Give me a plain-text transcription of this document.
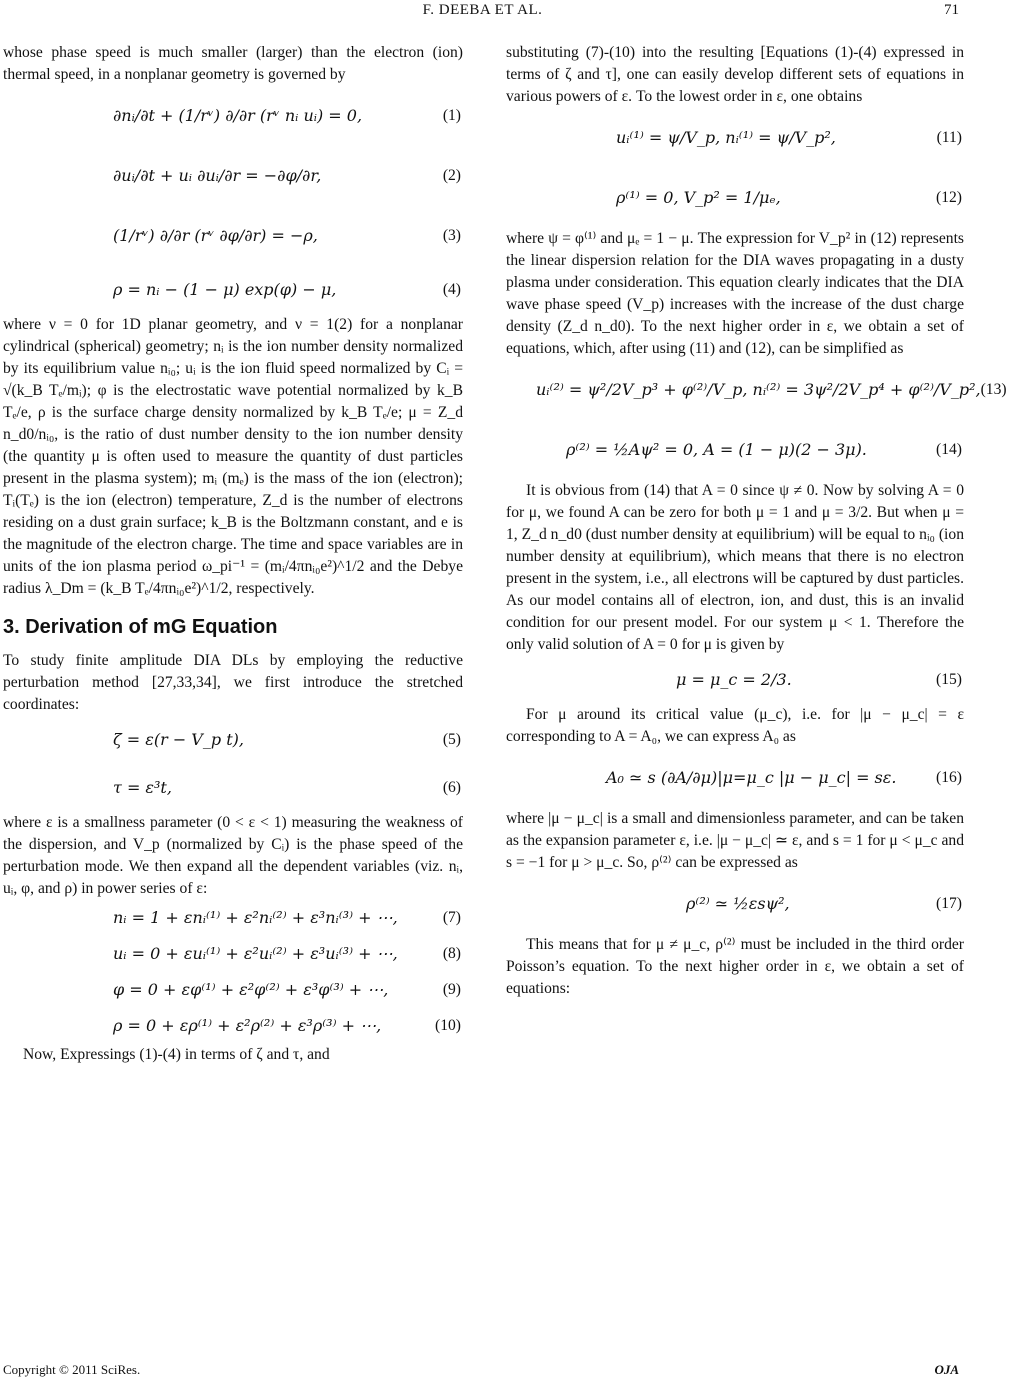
F. DEEBA ET AL.	71

whose phase speed is much smaller (larger) than the electron (ion) thermal speed, in a nonplanar geometry is governed by

∂nᵢ/∂t + (1/rᵛ) ∂/∂r (rᵛ nᵢ uᵢ) = 0,	(1)
∂uᵢ/∂t + uᵢ ∂uᵢ/∂r = −∂φ/∂r,	(2)
(1/rᵛ) ∂/∂r (rᵛ ∂φ/∂r) = −ρ,	(3)
ρ = nᵢ − (1 − μ) exp(φ) − μ,	(4)

where ν = 0 for 1D planar geometry, and ν = 1(2) for a nonplanar cylindrical (spherical) geometry; nᵢ is the ion number density normalized by its equilibrium value nᵢ₀; uᵢ is the ion fluid speed normalized by Cᵢ = √(k_B Tₑ/mᵢ); φ is the electrostatic wave potential normalized by k_B Tₑ/e, ρ is the surface charge density normalized by k_B Tₑ/e; μ = Z_d n_d0/nᵢ₀, is the ratio of dust number density to the ion number density (the quantity μ is often used to measure the quantity of dust particles present in the plasma system); mᵢ (mₑ) is the mass of the ion (electron); Tᵢ(Tₑ) is the ion (electron) temperature, Z_d is the number of electrons residing on a dust grain surface; k_B is the Boltzmann constant, and e is the magnitude of the electron charge. The time and space variables are in units of the ion plasma period ω_pi⁻¹ = (mᵢ/4πnᵢ₀e²)^1/2 and the Debye radius λ_Dm = (k_B Tₑ/4πnᵢ₀e²)^1/2, respectively.

3. Derivation of mG Equation

To study finite amplitude DIA DLs by employing the reductive perturbation method [27,33,34], we first introduce the stretched coordinates:

ζ = ε(r − V_p t),	(5)
τ = ε³t,	(6)

where ε is a smallness parameter (0 < ε < 1) measuring the weakness of the dispersion, and V_p (normalized by Cᵢ) is the phase speed of the perturbation mode. We then expand all the dependent variables (viz. nᵢ, uᵢ, φ, and ρ) in power series of ε:

nᵢ = 1 + εnᵢ⁽¹⁾ + ε²nᵢ⁽²⁾ + ε³nᵢ⁽³⁾ + ⋯,	(7)
uᵢ = 0 + εuᵢ⁽¹⁾ + ε²uᵢ⁽²⁾ + ε³uᵢ⁽³⁾ + ⋯,	(8)
φ = 0 + εφ⁽¹⁾ + ε²φ⁽²⁾ + ε³φ⁽³⁾ + ⋯,	(9)
ρ = 0 + ερ⁽¹⁾ + ε²ρ⁽²⁾ + ε³ρ⁽³⁾ + ⋯,	(10)

Now, Expressings (1)-(4) in terms of ζ and τ, and

substituting (7)-(10) into the resulting [Equations (1)-(4) expressed in terms of ζ and τ], one can easily develop different sets of equations in various powers of ε. To the lowest order in ε, one obtains

uᵢ⁽¹⁾ = ψ/V_p, nᵢ⁽¹⁾ = ψ/V_p²,	(11)
ρ⁽¹⁾ = 0, V_p² = 1/μₑ,	(12)

where ψ = φ⁽¹⁾ and μₑ = 1 − μ. The expression for V_p² in (12) represents the linear dispersion relation for the DIA waves propagating in a dusty plasma under consideration. This equation clearly indicates that the DIA wave phase speed (V_p) increases with the increase of the dust charge density (Z_d n_d0). To the next higher order in ε, we obtain a set of equations, which, after using (11) and (12), can be simplified as

uᵢ⁽²⁾ = ψ²/2V_p³ + φ⁽²⁾/V_p, nᵢ⁽²⁾ = 3ψ²/2V_p⁴ + φ⁽²⁾/V_p², (13)
ρ⁽²⁾ = ½Aψ² = 0, A = (1 − μ)(2 − 3μ).	(14)

It is obvious from (14) that A = 0 since ψ ≠ 0. Now by solving A = 0 for μ, we found A can be zero for both μ = 1 and μ = 3/2. But when μ = 1, Z_d n_d0 (dust number density at equilibrium) will be equal to nᵢ₀ (ion number density at equilibrium), which means that there is no electron present in the system, i.e., all electrons will be captured by dust particles. As our model contains all of electron, ion, and dust, this is an invalid condition for our present model. For our system μ < 1. Therefore the only valid solution of A = 0 for μ is given by

μ = μ_c = 2/3.	(15)

For μ around its critical value (μ_c), i.e. for |μ − μ_c| = ε corresponding to A = A₀, we can express A₀ as

A₀ ≃ s (∂A/∂μ)|μ=μ_c |μ − μ_c| = sε.	(16)

where |μ − μ_c| is a small and dimensionless parameter, and can be taken as the expansion parameter ε, i.e. |μ − μ_c| ≃ ε, and s = 1 for μ < μ_c and s = −1 for μ > μ_c. So, ρ⁽²⁾ can be expressed as

ρ⁽²⁾ ≃ ½εsψ²,	(17)

This means that for μ ≠ μ_c, ρ⁽²⁾ must be included in the third order Poisson’s equation. To the next higher order in ε, we obtain a set of equations:

Copyright © 2011 SciRes.	OJA
